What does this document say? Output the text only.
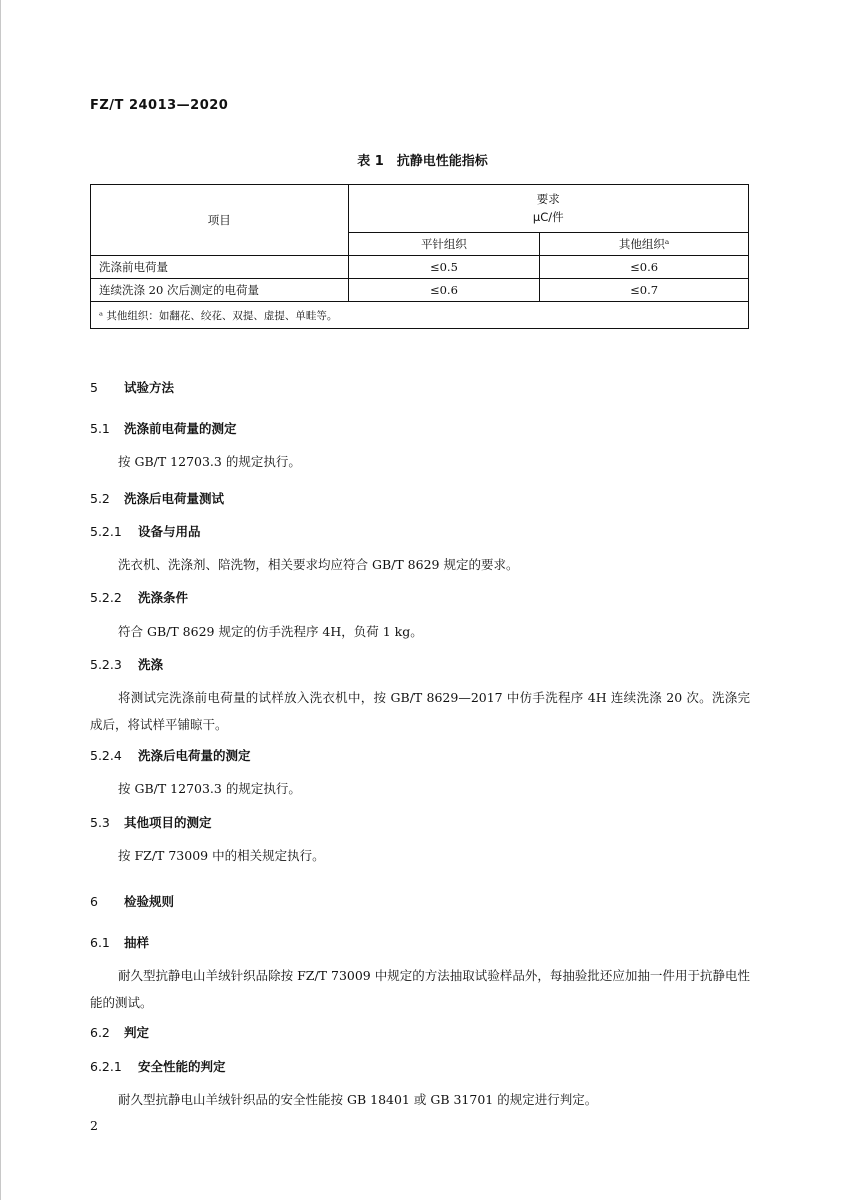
FZ/T 24013—2020
表 1　抗静电性能指标
项目	要求
μC/件	

	平针组织	其他组织ᵃ
洗涤前电荷量	≤0.5	≤0.6
连续洗涤 20 次后测定的电荷量	≤0.6	≤0.7
ᵃ 其他组织：如翻花、绞花、双提、虚提、单畦等。		
5 试验方法
5.1 洗涤前电荷量的测定
按 GB/T 12703.3 的规定执行。
5.2 洗涤后电荷量测试
5.2.1 设备与用品
洗衣机、洗涤剂、陪洗物，相关要求均应符合 GB/T 8629 规定的要求。
5.2.2 洗涤条件
符合 GB/T 8629 规定的仿手洗程序 4H，负荷 1 kg。
5.2.3 洗涤
将测试完洗涤前电荷量的试样放入洗衣机中，按 GB/T 8629—2017 中仿手洗程序 4H 连续洗涤 20 次。洗涤完成后，将试样平铺晾干。
5.2.4 洗涤后电荷量的测定
按 GB/T 12703.3 的规定执行。
5.3 其他项目的测定
按 FZ/T 73009 中的相关规定执行。
6 检验规则
6.1 抽样
耐久型抗静电山羊绒针织品除按 FZ/T 73009 中规定的方法抽取试验样品外，每抽验批还应加抽一件用于抗静电性能的测试。
6.2 判定
6.2.1 安全性能的判定
耐久型抗静电山羊绒针织品的安全性能按 GB 18401 或 GB 31701 的规定进行判定。
2
